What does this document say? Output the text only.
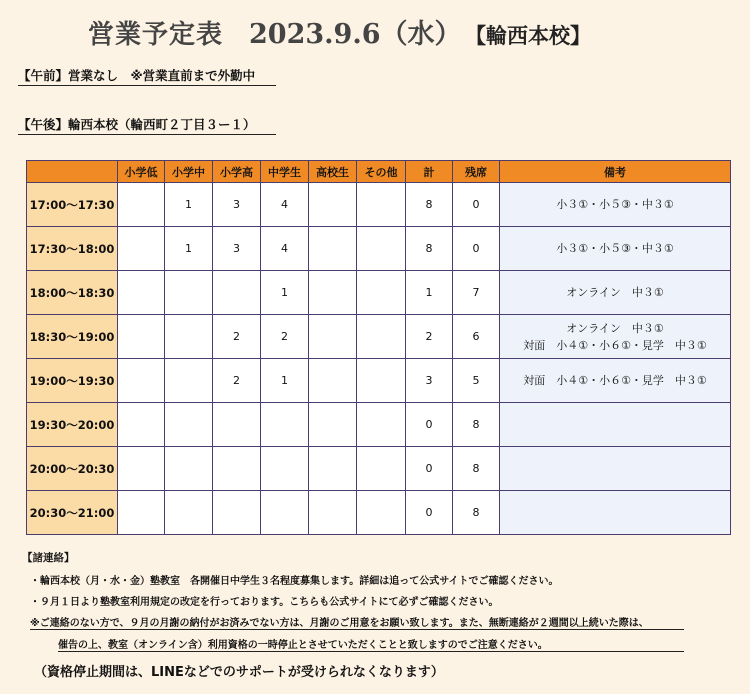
営業予定表 2023.9.6（水） 【輪西本校】
【午前】営業なし　※営業直前まで外勤中
【午後】輪西本校（輪西町２丁目３ー１）
	小学低	小学中	小学高	中学生	高校生	その他	計	残席	備考
17:00〜17:30		1	3	4			8	0	小３①・小５③・中３①

17:30〜18:00		1	3	4			8	0	小３①・小５③・中３①

18:00〜18:30				1			1	7	オンライン　中３①

18:30〜19:00			2	2			2	6	オンライン　中３①
対面　小４①・小６①・見学　中３①

19:00〜19:30			2	1			3	5	対面　小４①・小６①・見学　中３①

19:30〜20:00							0	8	
20:00〜20:30							0	8	
20:30〜21:00							0	8	
【諸連絡】
・輪西本校（月・水・金）塾教室　各開催日中学生３名程度募集します。詳細は追って公式サイトでご確認ください。
・９月１日より塾教室利用規定の改定を行っております。こちらも公式サイトにて必ずご確認ください。
※ご連絡のない方で、９月の月謝の納付がお済みでない方は、月謝のご用意をお願い致します。また、無断連絡が２週間以上続いた際は、
催告の上、教室（オンライン含）利用資格の一時停止とさせていただくことと致しますのでご注意ください。
（資格停止期間は、LINEなどでのサポートが受けられなくなります）
